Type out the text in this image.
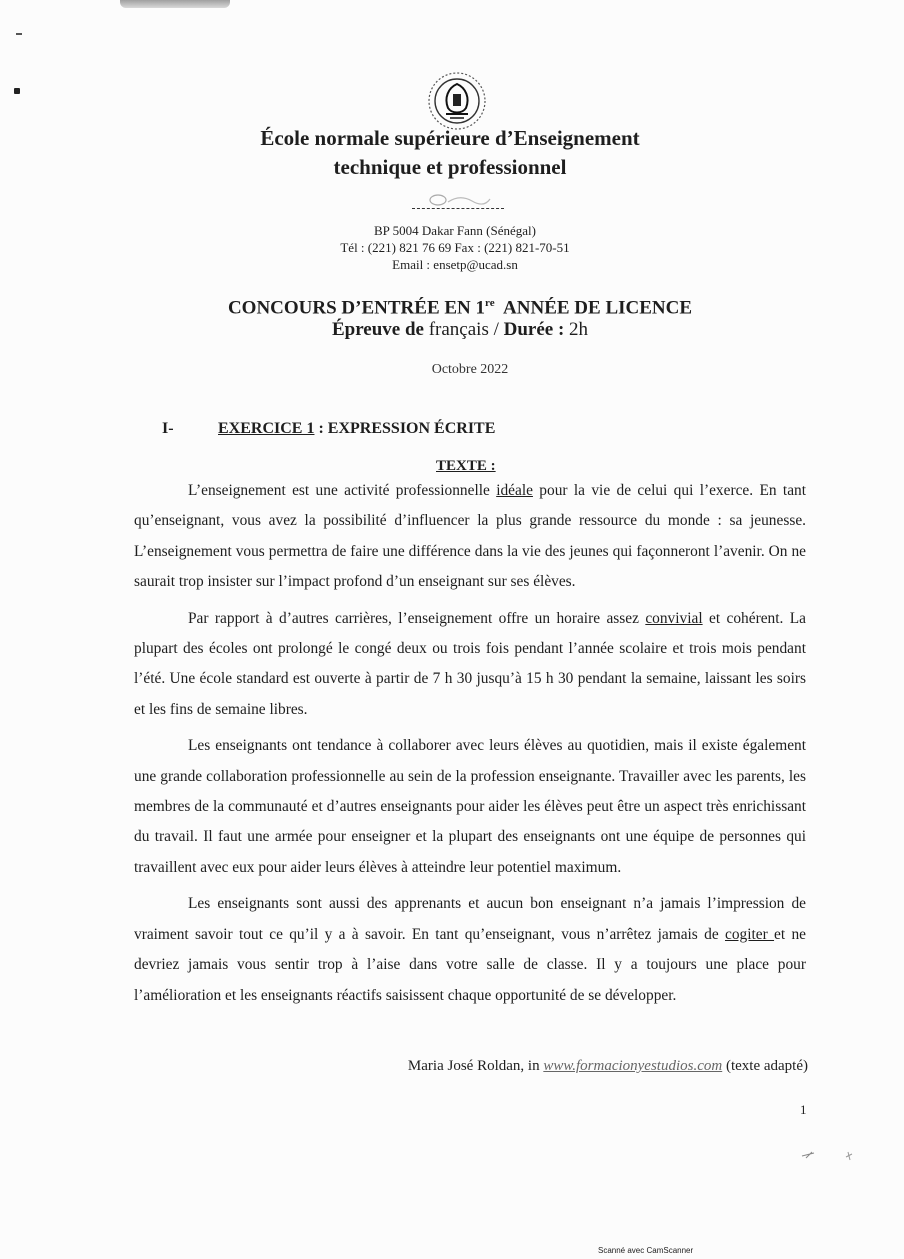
École normale supérieure d’Enseignement
technique et professionnel
BP 5004 Dakar Fann (Sénégal)
Tél : (221) 821 76 69 Fax : (221) 821-70-51
Email : ensetp@ucad.sn
CONCOURS D’ENTRÉE EN 1re ANNÉE DE LICENCE
Épreuve de français / Durée : 2h
Octobre 2022
I-	EXERCICE 1 : EXPRESSION ÉCRITE
TEXTE :

L’enseignement est une activité professionnelle idéale pour la vie de celui qui l’exerce. En tant qu’enseignant, vous avez la possibilité d’influencer la plus grande ressource du monde : sa jeunesse. L’enseignement vous permettra de faire une différence dans la vie des jeunes qui façonneront l’avenir. On ne saurait trop insister sur l’impact profond d’un enseignant sur ses élèves.

Par rapport à d’autres carrières, l’enseignement offre un horaire assez convivial et cohérent. La plupart des écoles ont prolongé le congé deux ou trois fois pendant l’année scolaire et trois mois pendant l’été. Une école standard est ouverte à partir de 7 h 30 jusqu’à 15 h 30 pendant la semaine, laissant les soirs et les fins de semaine libres.

Les enseignants ont tendance à collaborer avec leurs élèves au quotidien, mais il existe également une grande collaboration professionnelle au sein de la profession enseignante. Travailler avec les parents, les membres de la communauté et d’autres enseignants pour aider les élèves peut être un aspect très enrichissant du travail. Il faut une armée pour enseigner et la plupart des enseignants ont une équipe de personnes qui travaillent avec eux pour aider leurs élèves à atteindre leur potentiel maximum.

Les enseignants sont aussi des apprenants et aucun bon enseignant n’a jamais l’impression de vraiment savoir tout ce qu’il y a à savoir. En tant qu’enseignant, vous n’arrêtez jamais de cogiter et ne devriez jamais vous sentir trop à l’aise dans votre salle de classe. Il y a toujours une place pour l’amélioration et les enseignants réactifs saisissent chaque opportunité de se développer.

Maria José Roldan, in www.formacionyestudios.com (texte adapté)
1
Scanné avec CamScanner
